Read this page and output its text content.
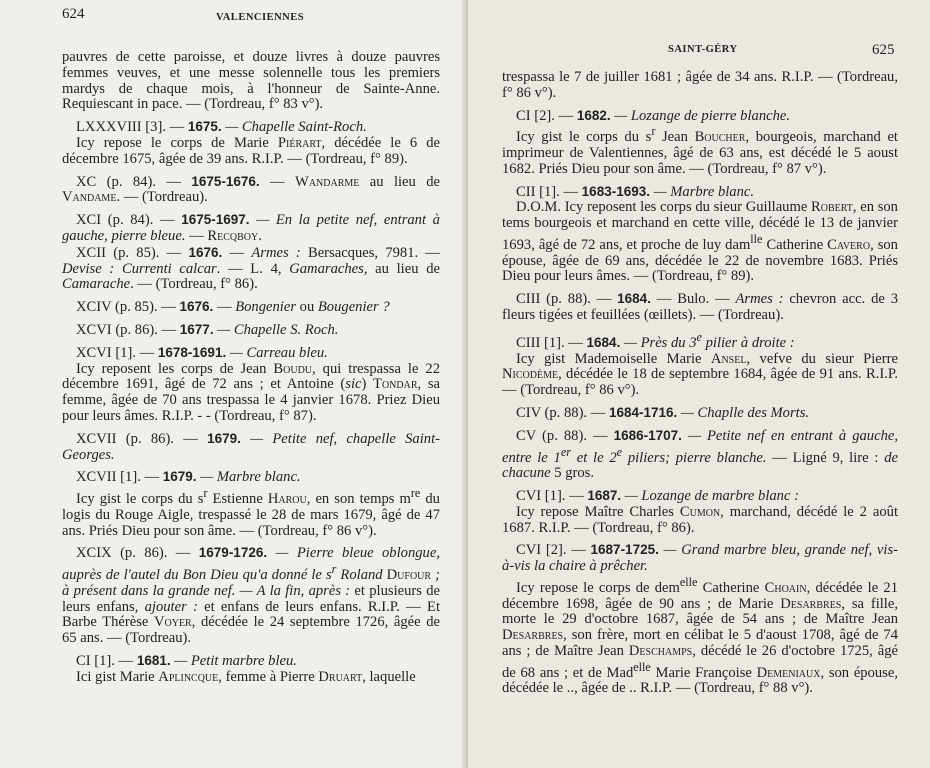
624	VALENCIENNES

pauvres de cette paroisse, et douze livres à douze pauvres femmes veuves, et une messe solennelle tous les premiers mardys de chaque mois, à l'honneur de Sainte-Anne. Requiescant in pace. — (Tordreau, f° 83 v°).

LXXXVIII [3]. — 1675. — Chapelle Saint-Roch.

Icy repose le corps de Marie Piérart, décédée le 6 de décembre 1675, âgée de 39 ans. R.I.P. — (Tordreau, f° 89).

XC (p. 84). — 1675-1676. — Wandarme au lieu de Vandame. — (Tordreau).

XCI (p. 84). — 1675-1697. — En la petite nef, entrant à gauche, pierre bleue. — Recqboy.

XCII (p. 85). — 1676. — Armes : Bersacques, 7981. — Devise : Currenti calcar. — L. 4, Gamaraches, au lieu de Camarache. — (Tordreau, f° 86).

XCIV (p. 85). — 1676. — Bongenier ou Bougenier ?

XCVI (p. 86). — 1677. — Chapelle S. Roch.

XCVI [1]. — 1678-1691. — Carreau bleu.

Icy reposent les corps de Jean Boudu, qui trespassa le 22 décembre 1691, âgé de 72 ans ; et Antoine (sic) Tondar, sa femme, âgée de 70 ans trespassa le 4 janvier 1678. Priez Dieu pour leurs âmes. R.I.P. - - (Tordreau, f° 87).

XCVII (p. 86). — 1679. — Petite nef, chapelle Saint-Georges.

XCVII [1]. — 1679. — Marbre blanc.

Icy gist le corps du $s^r$ Estienne Harou, en son temps $m^{re}$ du logis du Rouge Aigle, trespassé le 28 de mars 1679, âgé de 47 ans. Priés Dieu pour son âme. — (Tordreau, f° 86 v°).

XCIX (p. 86). — 1679-1726. — Pierre bleue oblongue, auprès de l'autel du Bon Dieu qu'a donné le $s^r$ Roland Dufour ; à présent dans la grande nef. — A la fin, après : et plusieurs de leurs enfans, ajouter : et enfans de leurs enfans. R.I.P. — Et Barbe Thérèse Voyer, décédée le 24 septembre 1726, âgée de 65 ans. — (Tordreau).

CI [1]. — 1681. — Petit marbre bleu.

Ici gist Marie Aplincque, femme à Pierre Druart, laquelle

SAINT-GÉRY	625

trespassa le 7 de juiller 1681 ; âgée de 34 ans. R.I.P. — (Tordreau, f° 86 v°).

CI [2]. — 1682. — Lozange de pierre blanche.

Icy gist le corps du $s^r$ Jean Boucher, bourgeois, marchand et imprimeur de Valentiennes, âgé de 63 ans, est décédé le 5 aoust 1682. Priés Dieu pour son âme. — (Tordreau, f° 87 v°).

CII [1]. — 1683-1693. — Marbre blanc.

D.O.M. Icy reposent les corps du sieur Guillaume Robert, en son tems bourgeois et marchand en cette ville, décédé le 13 de janvier 1693, âgé de 72 ans, et proche de luy dam$^{lle}$ Catherine Cavero, son épouse, âgée de 69 ans, décédée le 22 de novembre 1683. Priés Dieu pour leurs âmes. — (Tordreau, f° 89).

CIII (p. 88). — 1684. — Bulo. — Armes : chevron acc. de 3 fleurs tigées et feuillées (œillets). — (Tordreau).

CIII [1]. — 1684. — Près du 3e pilier à droite :

Icy gist Mademoiselle Marie Ansel, vefve du sieur Pierre Nicodème, décédée le 18 de septembre 1684, âgée de 91 ans. R.I.P. — (Tordreau, f° 86 v°).

CIV (p. 88). — 1684-1716. — Chaplle des Morts.

CV (p. 88). — 1686-1707. — Petite nef en entrant à gauche, entre le 1er et le 2e piliers; pierre blanche. — Ligné 9, lire : de chacune 5 gros.

CVI [1]. — 1687. — Lozange de marbre blanc :

Icy repose Maître Charles Cumon, marchand, décédé le 2 août 1687. R.I.P. — (Tordreau, f° 86).

CVI [2]. — 1687-1725. — Grand marbre bleu, grande nef, vis-à-vis la chaire à prêcher.

Icy repose le corps de dem$^{elle}$ Catherine Choain, décédée le 21 décembre 1698, âgée de 90 ans ; de Marie Desarbres, sa fille, morte le 29 d'octobre 1687, âgée de 54 ans ; de Maître Jean Desarbres, son frère, mort en célibat le 5 d'aoust 1708, âgé de 74 ans ; de Maître Jean Deschamps, décédé le 26 d'octobre 1725, âgé de 68 ans ; et de Mad$^{elle}$ Marie Françoise Demeniaux, son épouse, décédée le .., âgée de .. R.I.P. — (Tordreau, f° 88 v°).
